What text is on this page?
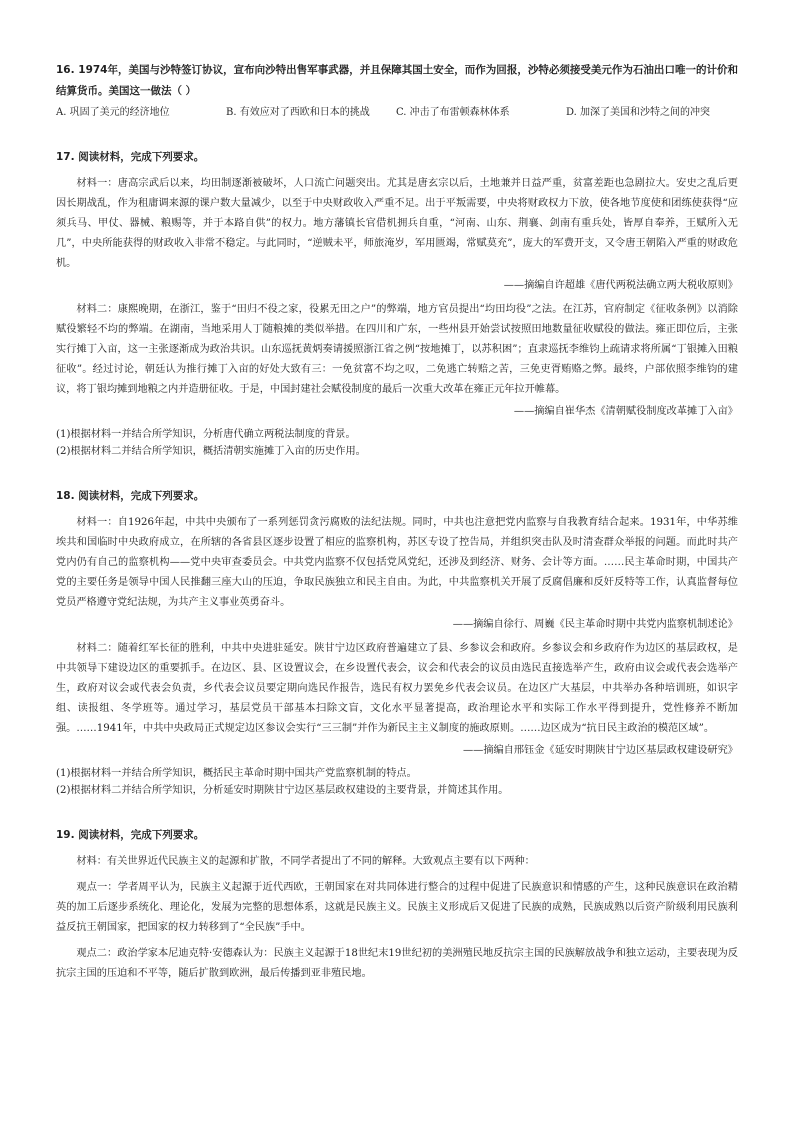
16. 1974年，美国与沙特签订协议，宣布向沙特出售军事武器，并且保障其国土安全，而作为回报，沙特必须接受美元作为石油出口唯一的计价和结算货币。美国这一做法（ ）

A. 巩固了美元的经济地位	B. 有效应对了西欧和日本的挑战	C. 冲击了布雷顿森林体系	D. 加深了美国和沙特之间的冲突

17. 阅读材料，完成下列要求。

材料一：唐高宗武后以来，均田制逐渐被破坏，人口流亡问题突出。尤其是唐玄宗以后，土地兼并日益严重，贫富差距也急剧拉大。安史之乱后更因长期战乱，作为租庸调来源的课户数大量减少，以至于中央财政收入严重不足。出于平叛需要，中央将财政权力下放，使各地节度使和团练使获得“应须兵马、甲仗、器械、粮赐等，并于本路自供”的权力。地方藩镇长官借机拥兵自重，“河南、山东、荆襄、剑南有重兵处，皆厚自奉养，王赋所入无几”，中央所能获得的财政收入非常不稳定。与此同时，“逆贼未平，师旅淹岁，军用匮竭，常赋莫充”，庞大的军费开支，又令唐王朝陷入严重的财政危机。

——摘编自许超雄《唐代两税法确立两大税收原则》

材料二：康熙晚期，在浙江，鉴于“田归不役之家，役累无田之户”的弊端，地方官员提出“均田均役”之法。在江苏，官府制定《征收条例》以消除赋役繁轻不均的弊端。在湖南，当地采用人丁随粮摊的类似举措。在四川和广东，一些州县开始尝试按照田地数量征收赋役的做法。雍正即位后，主张实行摊丁入亩，这一主张逐渐成为政治共识。山东巡抚黄炳奏请援照浙江省之例“按地摊丁，以苏积困”；直隶巡抚李维钧上疏请求将所属“丁银摊入田粮征收”。经过讨论，朝廷认为推行摊丁入亩的好处大致有三：一免贫富不均之叹，二免逃亡转赔之苦，三免吏胥贿赂之弊。最终，户部依照李维钧的建议，将丁银均摊到地粮之内并造册征收。于是，中国封建社会赋役制度的最后一次重大改革在雍正元年拉开帷幕。

——摘编自崔华杰《清朝赋役制度改革摊丁入亩》

(1)根据材料一并结合所学知识，分析唐代确立两税法制度的背景。

(2)根据材料二并结合所学知识，概括清朝实施摊丁入亩的历史作用。

18. 阅读材料，完成下列要求。

材料一：自1926年起，中共中央颁布了一系列惩罚贪污腐败的法纪法规。同时，中共也注意把党内监察与自我教育结合起来。1931年，中华苏维埃共和国临时中央政府成立，在所辖的各省县区逐步设置了相应的监察机构，苏区专设了控告局，并组织突击队及时清查群众举报的问题。而此时共产党内仍有自己的监察机构——党中央审查委员会。中共党内监察不仅包括党风党纪，还涉及到经济、财务、会计等方面。……民主革命时期，中国共产党的主要任务是领导中国人民推翻三座大山的压迫，争取民族独立和民主自由。为此，中共监察机关开展了反腐倡廉和反奸反特等工作，认真监督每位党员严格遵守党纪法规，为共产主义事业英勇奋斗。

——摘编自徐行、周巍《民主革命时期中共党内监察机制述论》

材料二：随着红军长征的胜利，中共中央进驻延安。陕甘宁边区政府普遍建立了县、乡参议会和政府。乡参议会和乡政府作为边区的基层政权，是中共领导下建设边区的重要抓手。在边区、县、区设置议会，在乡设置代表会，议会和代表会的议员由选民直接选举产生，政府由议会或代表会选举产生，政府对议会或代表会负责，乡代表会议员要定期向选民作报告，选民有权力罢免乡代表会议员。在边区广大基层，中共举办各种培训班，如识字组、读报组、冬学班等。通过学习，基层党员干部基本扫除文盲，文化水平显著提高，政治理论水平和实际工作水平得到提升，党性修养不断加强。……1941年，中共中央政局正式规定边区参议会实行“三三制”并作为新民主主义制度的施政原则。……边区成为“抗日民主政治的模范区域”。

——摘编自邢钰金《延安时期陕甘宁边区基层政权建设研究》

(1)根据材料一并结合所学知识，概括民主革命时期中国共产党监察机制的特点。

(2)根据材料二并结合所学知识，分析延安时期陕甘宁边区基层政权建设的主要背景，并简述其作用。

19. 阅读材料，完成下列要求。

材料：有关世界近代民族主义的起源和扩散，不同学者提出了不同的解释。大致观点主要有以下两种：

观点一：学者周平认为，民族主义起源于近代西欧，王朝国家在对共同体进行整合的过程中促进了民族意识和情感的产生，这种民族意识在政治精英的加工后逐步系统化、理论化，发展为完整的思想体系，这就是民族主义。民族主义形成后又促进了民族的成熟，民族成熟以后资产阶级利用民族利益反抗王朝国家，把国家的权力转移到了“全民族”手中。

观点二：政治学家本尼迪克特·安德森认为：民族主义起源于18世纪末19世纪初的美洲殖民地反抗宗主国的民族解放战争和独立运动，主要表现为反抗宗主国的压迫和不平等，随后扩散到欧洲，最后传播到亚非殖民地。
